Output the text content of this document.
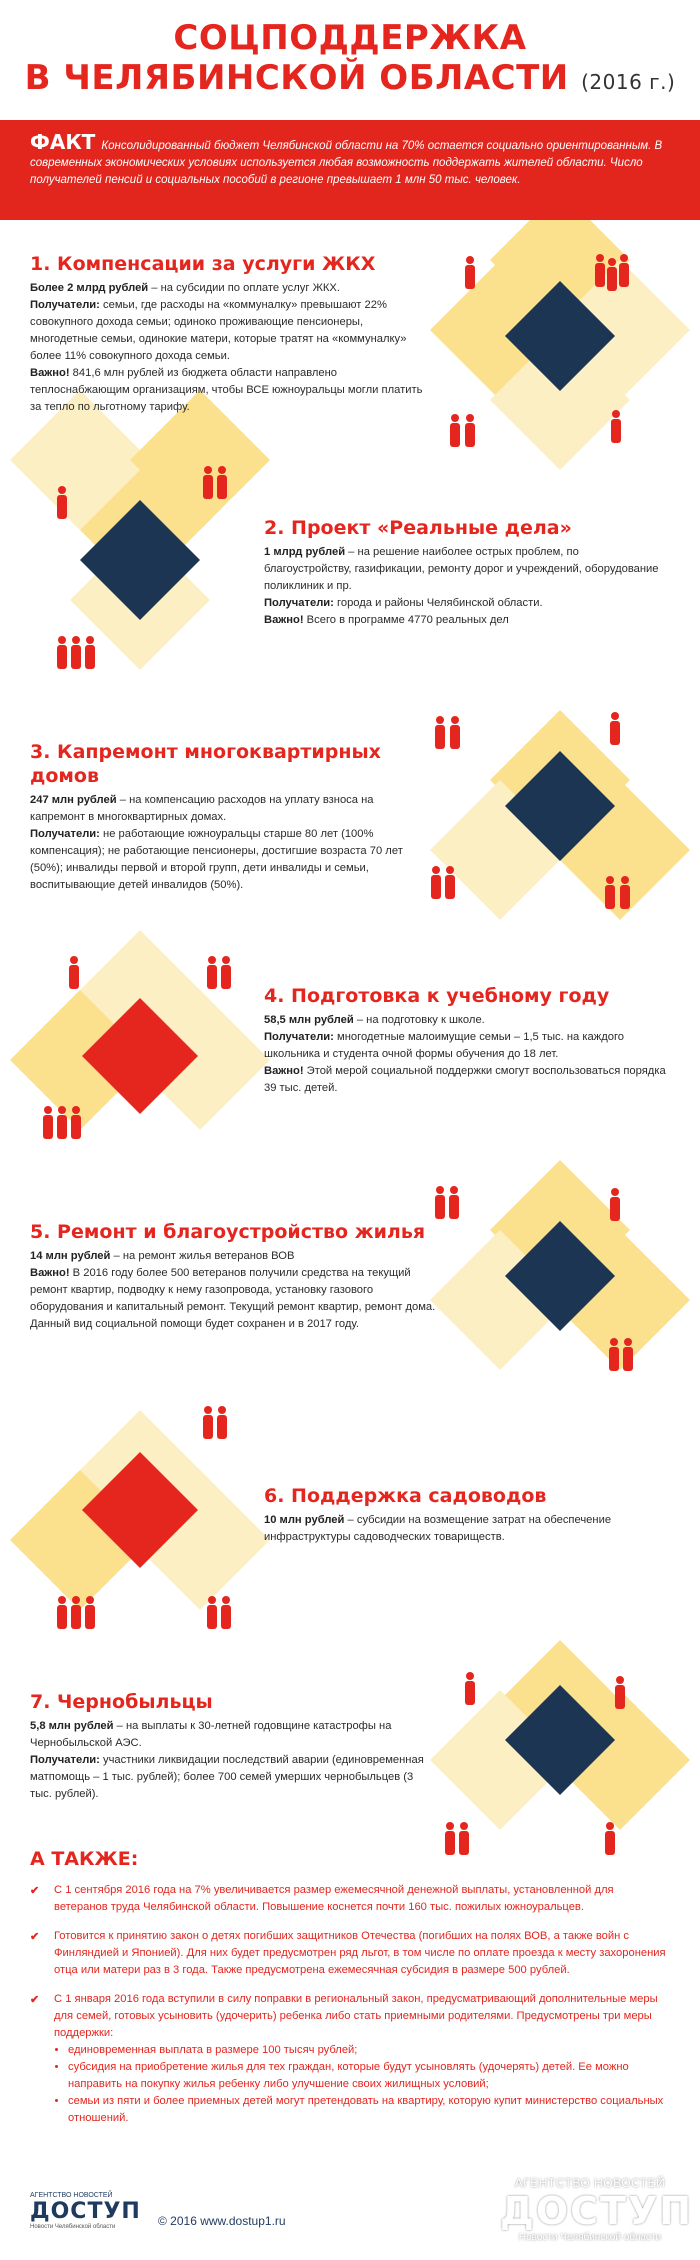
СОЦПОДДЕРЖКА
В ЧЕЛЯБИНСКОЙ ОБЛАСТИ (2016 г.)
ФАКТ Консолидированный бюджет Челябинской области на 70% остается социально ориентированным. В современных экономических условиях используется любая возможность поддержать жителей области. Число получателей пенсий и социальных пособий в регионе превышает 1 млн 50 тыс. человек.
1. Компенсации за услуги ЖКХ

Более 2 млрд рублей – на субсидии по оплате услуг ЖКХ.

Получатели: семьи, где расходы на «коммуналку» превышают 22% совокупного дохода семьи; одиноко проживающие пенсионеры, многодетные семьи, одинокие матери, которые тратят на «коммуналку» более 11% совокупного дохода семьи.

Важно! 841,6 млн рублей из бюджета области направлено теплоснабжающим организациям, чтобы ВСЕ южноуральцы могли платить за тепло по льготному тарифу.

2. Проект «Реальные дела»

1 млрд рублей – на решение наиболее острых проблем, по благоустройству, газификации, ремонту дорог и учреждений, оборудование поликлиник и пр.

Получатели: города и районы Челябинской области.

Важно! Всего в программе 4770 реальных дел

3. Капремонт многоквартирных домов

247 млн рублей – на компенсацию расходов на уплату взноса на капремонт в многоквартирных домах.

Получатели: не работающие южноуральцы старше 80 лет (100% компенсация); не работающие пенсионеры, достигшие возраста 70 лет (50%); инвалиды первой и второй групп, дети инвалиды и семьи, воспитывающие детей инвалидов (50%).

4. Подготовка к учебному году

58,5 млн рублей – на подготовку к школе.

Получатели: многодетные малоимущие семьи – 1,5 тыс. на каждого школьника и студента очной формы обучения до 18 лет.

Важно! Этой мерой социальной поддержки смогут воспользоваться порядка 39 тыс. детей.

5. Ремонт и благоустройство жилья

14 млн рублей – на ремонт жилья ветеранов ВОВ

Важно! В 2016 году более 500 ветеранов получили средства на текущий ремонт квартир, подводку к нему газопровода, установку газового оборудования и капитальный ремонт. Текущий ремонт квартир, ремонт дома. Данный вид социальной помощи будет сохранен и в 2017 году.

6. Поддержка садоводов

10 млн рублей – субсидии на возмещение затрат на обеспечение инфраструктуры садоводческих товариществ.

7. Чернобыльцы

5,8 млн рублей – на выплаты к 30-летней годовщине катастрофы на Чернобыльской АЭС.

Получатели: участники ликвидации последствий аварии (единовременная матпомощь – 1 тыс. рублей); более 700 семей умерших чернобыльцев (3 тыс. рублей).

А ТАКЖЕ:
✔ С 1 сентября 2016 года на 7% увеличивается размер ежемесячной денежной выплаты, установленной для ветеранов труда Челябинской области. Повышение коснется почти 160 тыс. пожилых южноуральцев.
✔ Готовится к принятию закон о детях погибших защитников Отечества (погибших на полях ВОВ, а также войн с Финляндией и Японией). Для них будет предусмотрен ряд льгот, в том числе по оплате проезда к месту захоронения отца или матери раз в 3 года. Также предусмотрена ежемесячная субсидия в размере 500 рублей.
✔ С 1 января 2016 года вступили в силу поправки в региональный закон, предусматривающий дополнительные меры для семей, готовых усыновить (удочерить) ребенка либо стать приемными родителями. Предусмотрены три меры поддержки:
• единовременная выплата в размере 100 тысяч рублей;
• субсидия на приобретение жилья для тех граждан, которые будут усыновлять (удочерять) детей. Ее можно направить на покупку жилья ребенку либо улучшение своих жилищных условий;
• семьи из пяти и более приемных детей могут претендовать на квартиру, которую купит министерство социальных отношений.
АГЕНТСТВО НОВОСТЕЙ
ДОСТУП
Новости Челябинской области	© 2016 www.dostup1.ru
АГЕНТСТВО НОВОСТЕЙ
ДОСТУП
Новости Челябинской области
